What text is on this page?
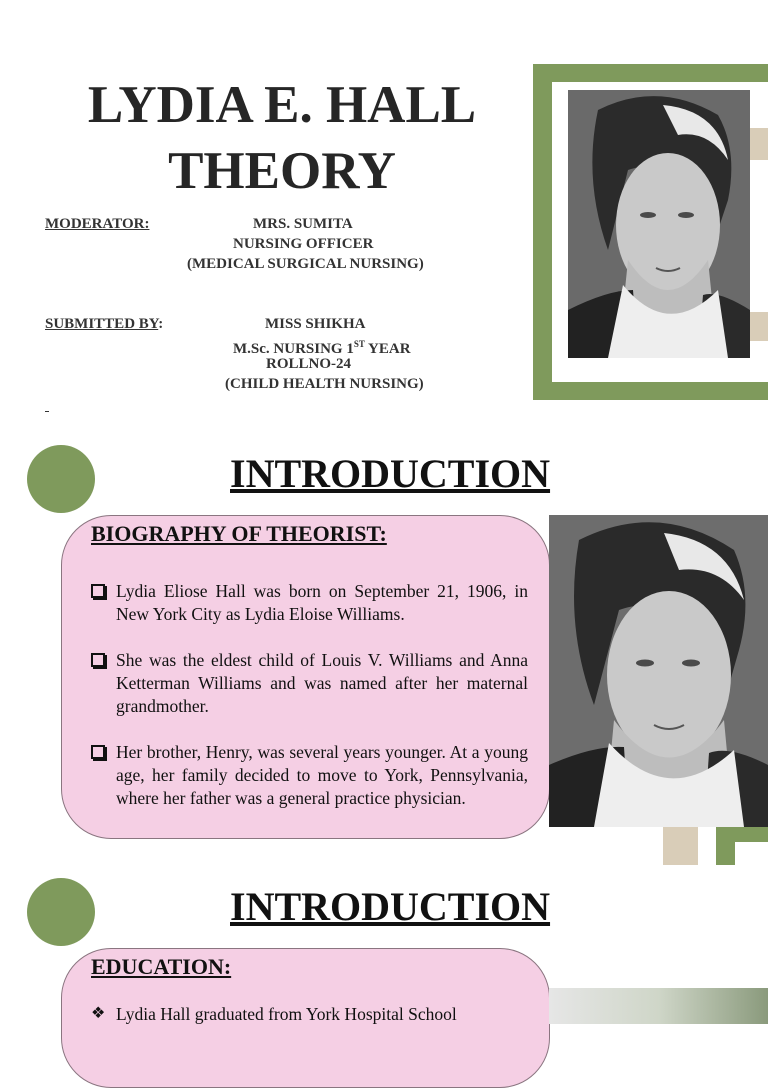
LYDIA E. HALL
THEORY
MODERATOR:	MRS. SUMITA
NURSING OFFICER
(MEDICAL SURGICAL NURSING)
SUBMITTED BY:	MISS SHIKHA
M.Sc. NURSING 1ST YEAR
ROLLNO-24
(CHILD HEALTH NURSING)
INTRODUCTION
BIOGRAPHY OF THEORIST:
Lydia Eliose Hall was born on September 21, 1906, in New York City as Lydia Eloise Williams.
She was the eldest child of Louis V. Williams and Anna Ketterman Williams and was named after her maternal grandmother.
Her brother, Henry, was several years younger. At a young age, her family decided to move to York, Pennsylvania, where her father was a general practice physician.
INTRODUCTION
EDUCATION:
❖ Lydia Hall graduated from York Hospital School
